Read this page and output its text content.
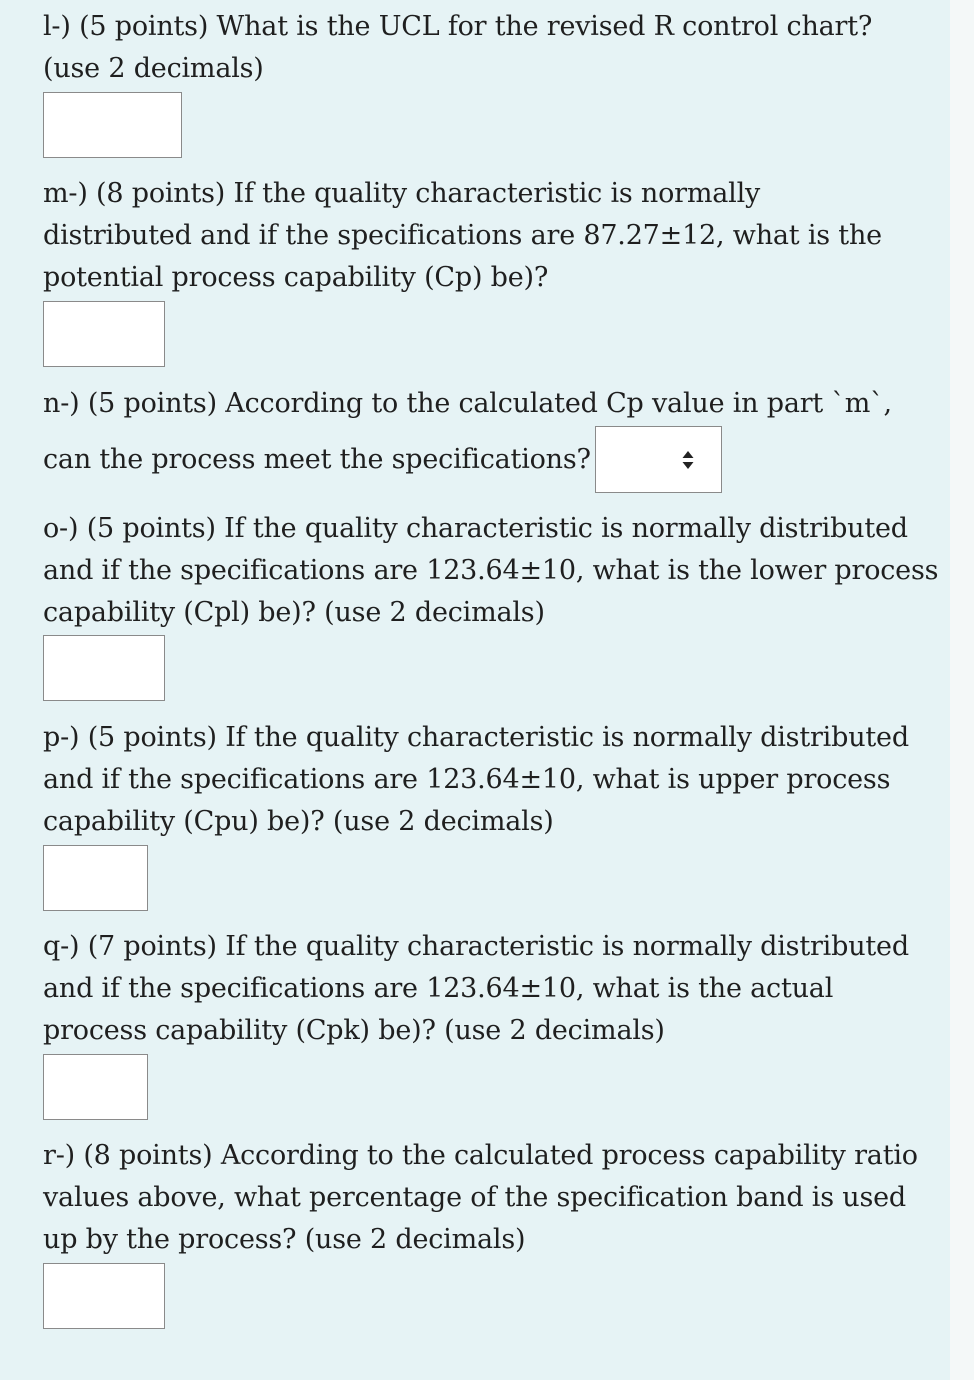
l-) (5 points) What is the UCL for the revised R control chart?
(use 2 decimals)
m-) (8 points) If the quality characteristic is normally
distributed and if the specifications are 87.27±12, what is the
potential process capability (Cp) be)?
n-) (5 points) According to the calculated Cp value in part `m`,
can the process meet the specifications?
o-) (5 points) If the quality characteristic is normally distributed
and if the specifications are 123.64±10, what is the lower process
capability (Cpl) be)? (use 2 decimals)
p-) (5 points) If the quality characteristic is normally distributed
and if the specifications are 123.64±10, what is upper process
capability (Cpu) be)? (use 2 decimals)
q-) (7 points) If the quality characteristic is normally distributed
and if the specifications are 123.64±10, what is the actual
process capability (Cpk) be)? (use 2 decimals)
r-) (8 points) According to the calculated process capability ratio
values above, what percentage of the specification band is used
up by the process? (use 2 decimals)
